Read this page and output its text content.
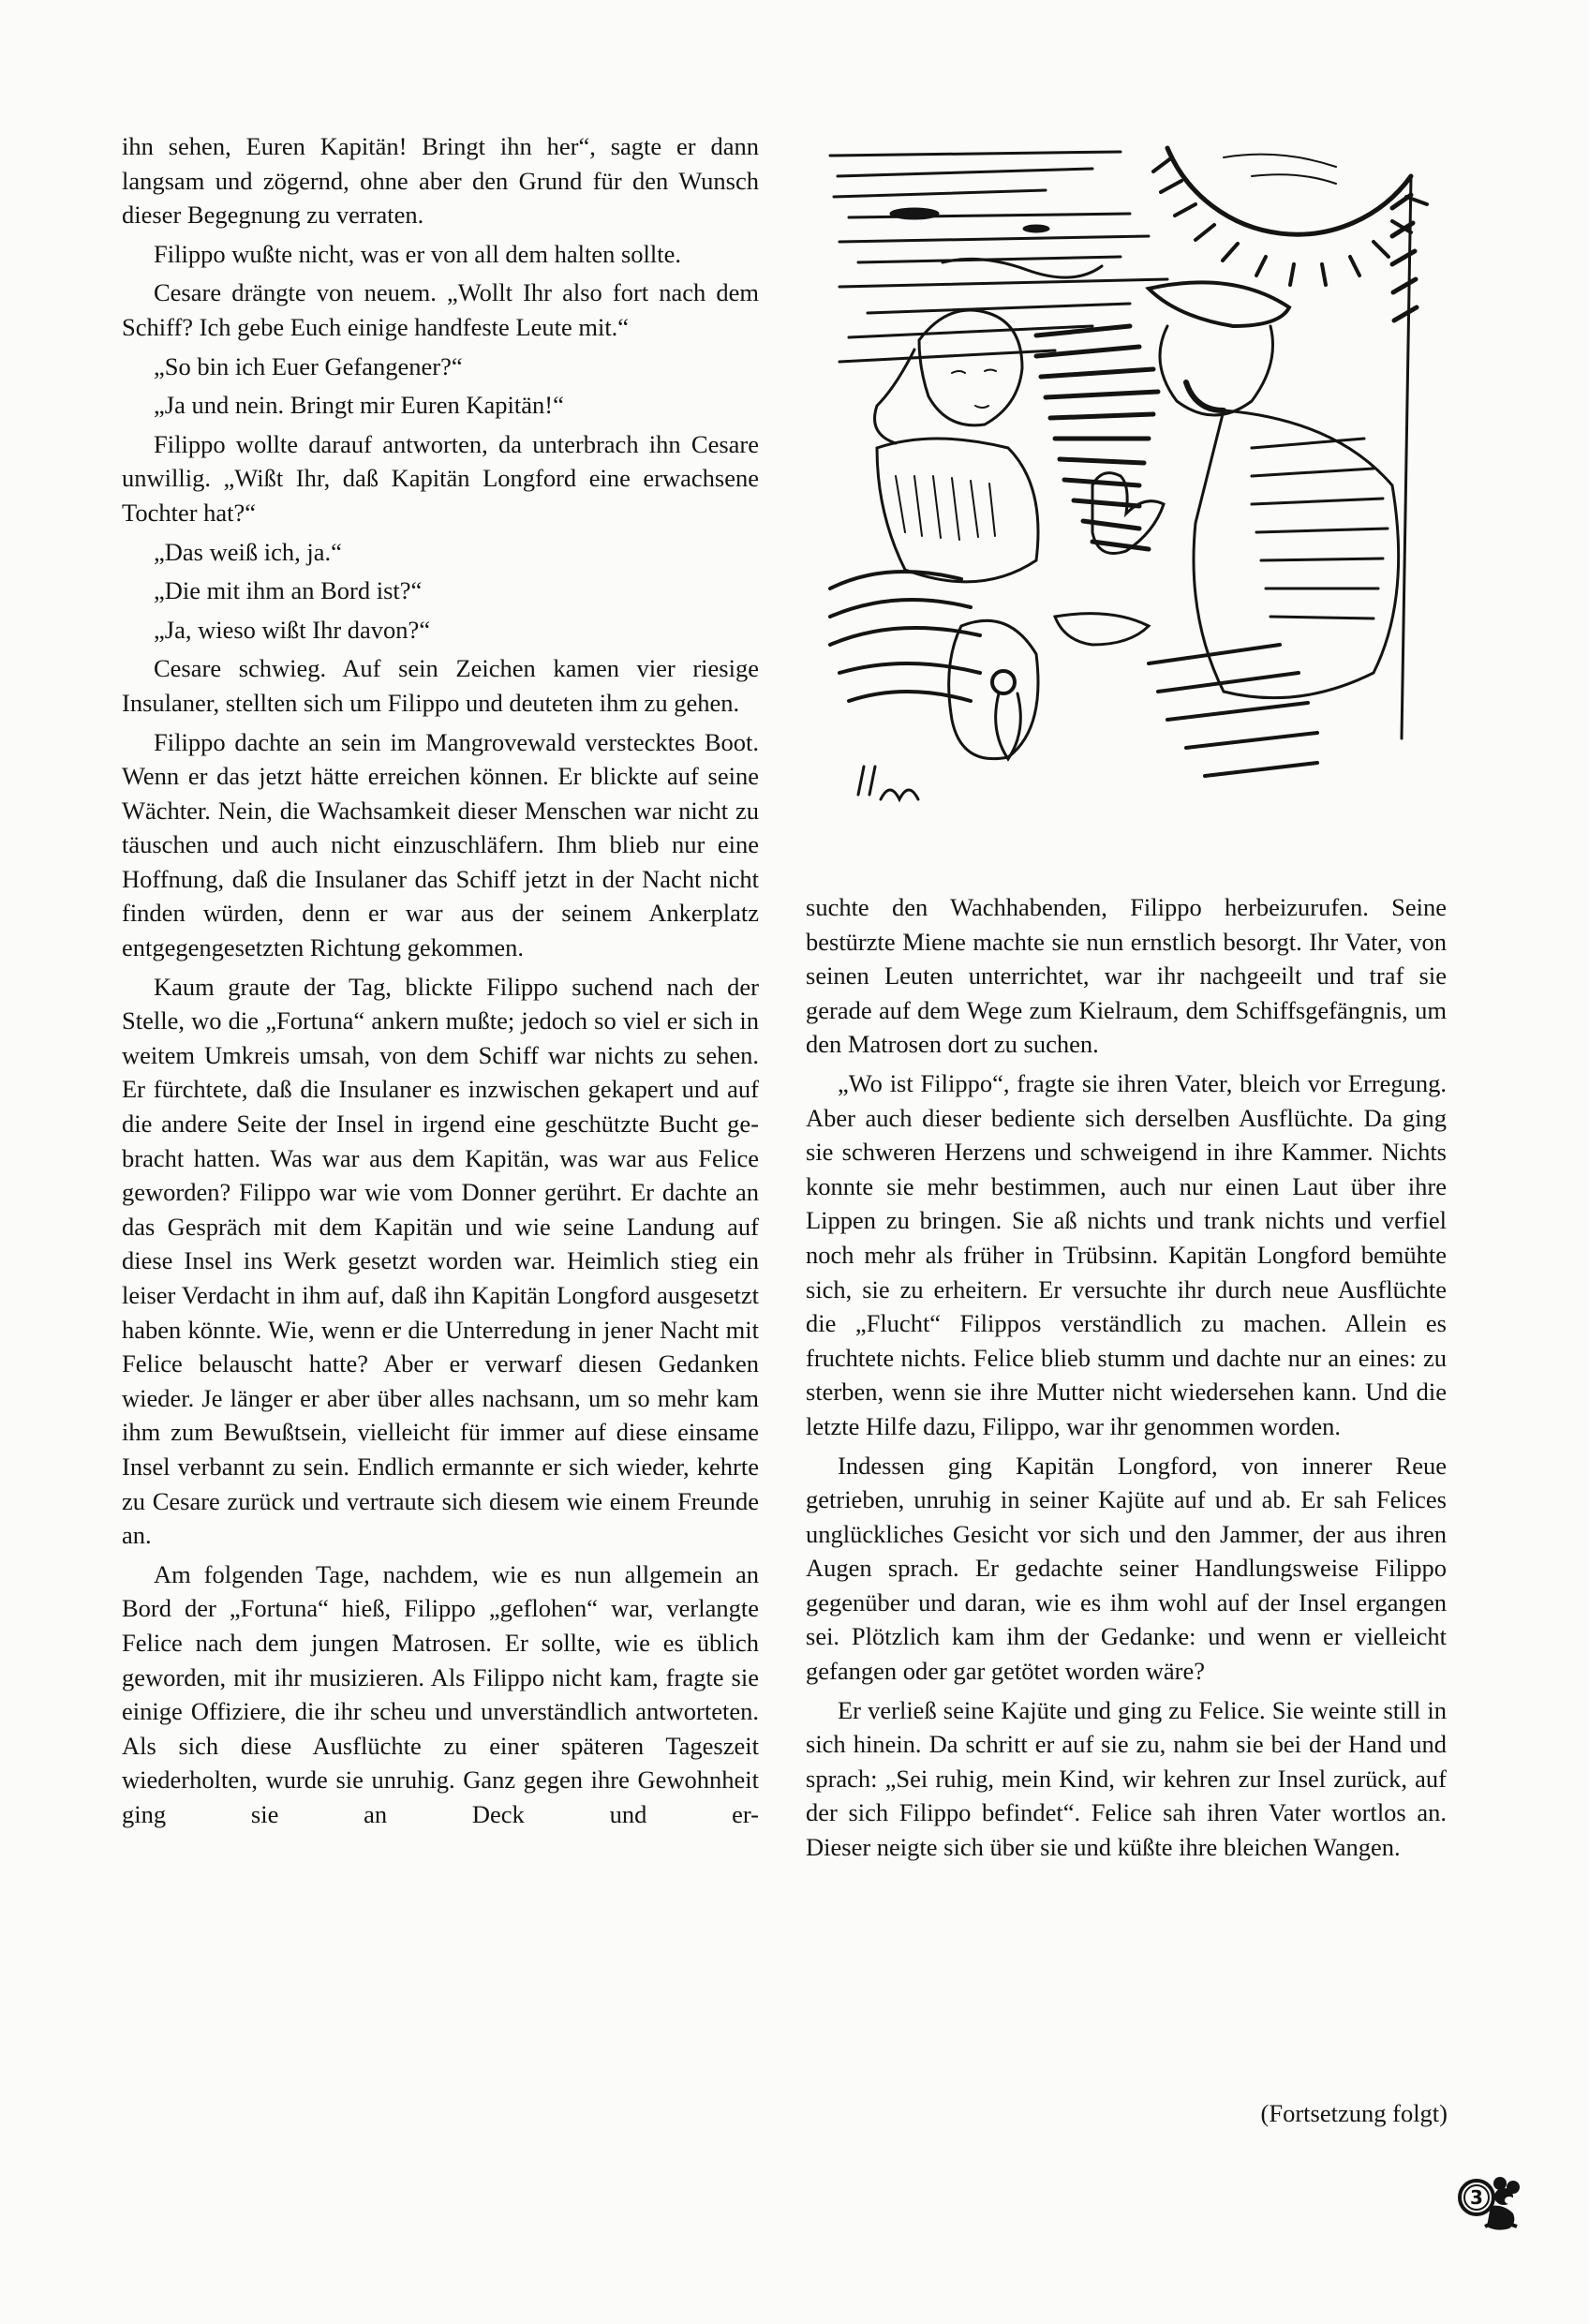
ihn sehen, Euren Kapitän! Bringt ihn her“, sagte er dann langsam und zögernd, ohne aber den Grund für den Wunsch dieser Begegnung zu verraten.

Filippo wußte nicht, was er von all dem halten sollte.

Cesare drängte von neuem. „Wollt Ihr also fort nach dem Schiff? Ich gebe Euch einige handfeste Leute mit.“

„So bin ich Euer Gefangener?“

„Ja und nein. Bringt mir Euren Kapitän!“

Filippo wollte darauf antworten, da unterbrach ihn Cesare unwillig. „Wißt Ihr, daß Kapitän Longford eine erwachsene Tochter hat?“

„Das weiß ich, ja.“

„Die mit ihm an Bord ist?“

„Ja, wieso wißt Ihr davon?“

Cesare schwieg. Auf sein Zeichen kamen vier riesige Insulaner, stellten sich um Filippo und deuteten ihm zu gehen.

Filippo dachte an sein im Mangrovewald verstecktes Boot. Wenn er das jetzt hätte erreichen können. Er blickte auf seine Wächter. Nein, die Wachsamkeit dieser Menschen war nicht zu täuschen und auch nicht einzuschläfern. Ihm blieb nur eine Hoffnung, daß die Insulaner das Schiff jetzt in der Nacht nicht finden würden, denn er war aus der seinem Ankerplatz entgegengesetzten Richtung gekommen.

Kaum graute der Tag, blickte Filippo suchend nach der Stelle, wo die „Fortuna“ ankern mußte; jedoch so viel er sich in weitem Umkreis umsah, von dem Schiff war nichts zu sehen. Er fürchtete, daß die Insulaner es inzwischen gekapert und auf die andere Seite der Insel in irgend eine geschützte Bucht gebracht hatten. Was war aus dem Kapitän, was war aus Felice geworden? Filippo war wie vom Donner gerührt. Er dachte an das Gespräch mit dem Kapitän und wie seine Landung auf diese Insel ins Werk gesetzt worden war. Heimlich stieg ein leiser Verdacht in ihm auf, daß ihn Kapitän Longford ausgesetzt haben könnte. Wie, wenn er die Unterredung in jener Nacht mit Felice belauscht hatte? Aber er verwarf diesen Gedanken wieder. Je länger er aber über alles nachsann, um so mehr kam ihm zum Bewußtsein, vielleicht für immer auf diese einsame Insel verbannt zu sein. Endlich ermannte er sich wieder, kehrte zu Cesare zurück und vertraute sich diesem wie einem Freunde an.

Am folgenden Tage, nachdem, wie es nun allgemein an Bord der „Fortuna“ hieß, Filippo „geflohen“ war, verlangte Felice nach dem jungen Matrosen. Er sollte, wie es üblich geworden, mit ihr musizieren. Als Filippo nicht kam, fragte sie einige Offiziere, die ihr scheu und unverständlich antworteten. Als sich diese Ausflüchte zu einer späteren Tageszeit wiederholten, wurde sie unruhig. Ganz gegen ihre Gewohnheit ging sie an Deck und er-

suchte den Wachhabenden, Filippo herbeizurufen. Seine bestürzte Miene machte sie nun ernstlich besorgt. Ihr Vater, von seinen Leuten unterrichtet, war ihr nachgeeilt und traf sie gerade auf dem Wege zum Kielraum, dem Schiffsgefängnis, um den Matrosen dort zu suchen.

„Wo ist Filippo“, fragte sie ihren Vater, bleich vor Erregung. Aber auch dieser bediente sich derselben Ausflüchte. Da ging sie schweren Herzens und schweigend in ihre Kammer. Nichts konnte sie mehr bestimmen, auch nur einen Laut über ihre Lippen zu bringen. Sie aß nichts und trank nichts und verfiel noch mehr als früher in Trübsinn. Kapitän Longford bemühte sich, sie zu erheitern. Er versuchte ihr durch neue Ausflüchte die „Flucht“ Filippos verständlich zu machen. Allein es fruchtete nichts. Felice blieb stumm und dachte nur an eines: zu sterben, wenn sie ihre Mutter nicht wiedersehen kann. Und die letzte Hilfe dazu, Filippo, war ihr genommen worden.

Indessen ging Kapitän Longford, von innerer Reue getrieben, unruhig in seiner Kajüte auf und ab. Er sah Felices unglückliches Gesicht vor sich und den Jammer, der aus ihren Augen sprach. Er gedachte seiner Handlungsweise Filippo gegenüber und daran, wie es ihm wohl auf der Insel ergangen sei. Plötzlich kam ihm der Gedanke: und wenn er vielleicht gefangen oder gar getötet worden wäre?

Er verließ seine Kajüte und ging zu Felice. Sie weinte still in sich hinein. Da schritt er auf sie zu, nahm sie bei der Hand und sprach: „Sei ruhig, mein Kind, wir kehren zur Insel zurück, auf der sich Filippo befindet“. Felice sah ihren Vater wortlos an. Dieser neigte sich über sie und küßte ihre bleichen Wangen.

(Fortsetzung folgt)
3
